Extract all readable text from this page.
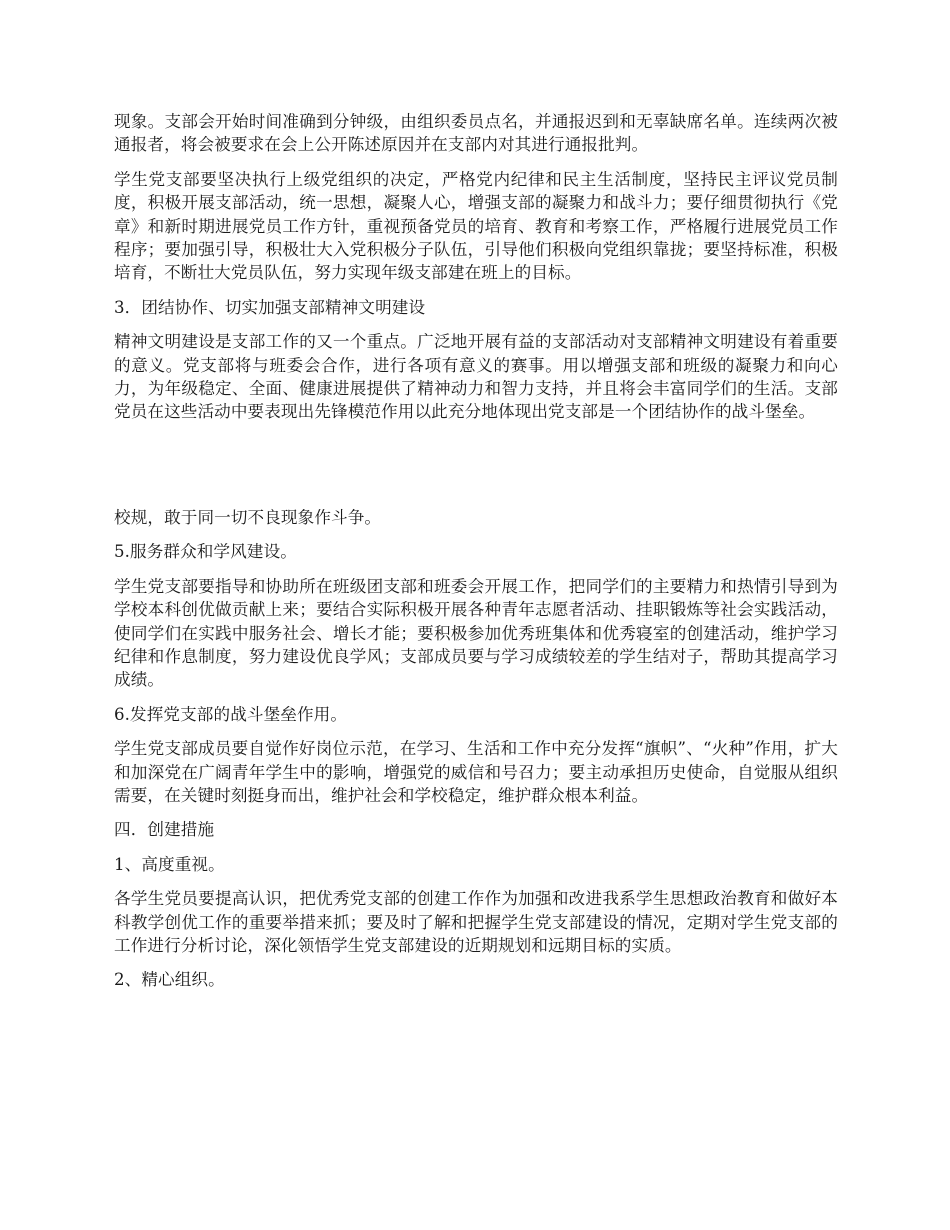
现象。支部会开始时间准确到分钟级，由组织委员点名，并通报迟到和无辜缺席名单。连续两次被通报者，将会被要求在会上公开陈述原因并在支部内对其进行通报批判。

学生党支部要坚决执行上级党组织的决定，严格党内纪律和民主生活制度，坚持民主评议党员制度，积极开展支部活动，统一思想，凝聚人心，增强支部的凝聚力和战斗力；要仔细贯彻执行《党章》和新时期进展党员工作方针，重视预备党员的培育、教育和考察工作，严格履行进展党员工作程序；要加强引导，积极壮大入党积极分子队伍，引导他们积极向党组织靠拢；要坚持标准，积极培育，不断壮大党员队伍，努力实现年级支部建在班上的目标。

3．团结协作、切实加强支部精神文明建设

精神文明建设是支部工作的又一个重点。广泛地开展有益的支部活动对支部精神文明建设有着重要的意义。党支部将与班委会合作，进行各项有意义的赛事。用以增强支部和班级的凝聚力和向心力，为年级稳定、全面、健康进展提供了精神动力和智力支持，并且将会丰富同学们的生活。支部党员在这些活动中要表现出先锋模范作用以此充分地体现出党支部是一个团结协作的战斗堡垒。

校规，敢于同一切不良现象作斗争。

5.服务群众和学风建设。

学生党支部要指导和协助所在班级团支部和班委会开展工作，把同学们的主要精力和热情引导到为学校本科创优做贡献上来；要结合实际积极开展各种青年志愿者活动、挂职锻炼等社会实践活动，使同学们在实践中服务社会、增长才能；要积极参加优秀班集体和优秀寝室的创建活动，维护学习纪律和作息制度，努力建设优良学风；支部成员要与学习成绩较差的学生结对子，帮助其提高学习成绩。

6.发挥党支部的战斗堡垒作用。

学生党支部成员要自觉作好岗位示范，在学习、生活和工作中充分发挥“旗帜”、“火种”作用，扩大和加深党在广阔青年学生中的影响，增强党的威信和号召力；要主动承担历史使命，自觉服从组织需要，在关键时刻挺身而出，维护社会和学校稳定，维护群众根本利益。

四．创建措施

1、高度重视。

各学生党员要提高认识，把优秀党支部的创建工作作为加强和改进我系学生思想政治教育和做好本科教学创优工作的重要举措来抓；要及时了解和把握学生党支部建设的情况，定期对学生党支部的工作进行分析讨论，深化领悟学生党支部建设的近期规划和远期目标的实质。

2、精心组织。
